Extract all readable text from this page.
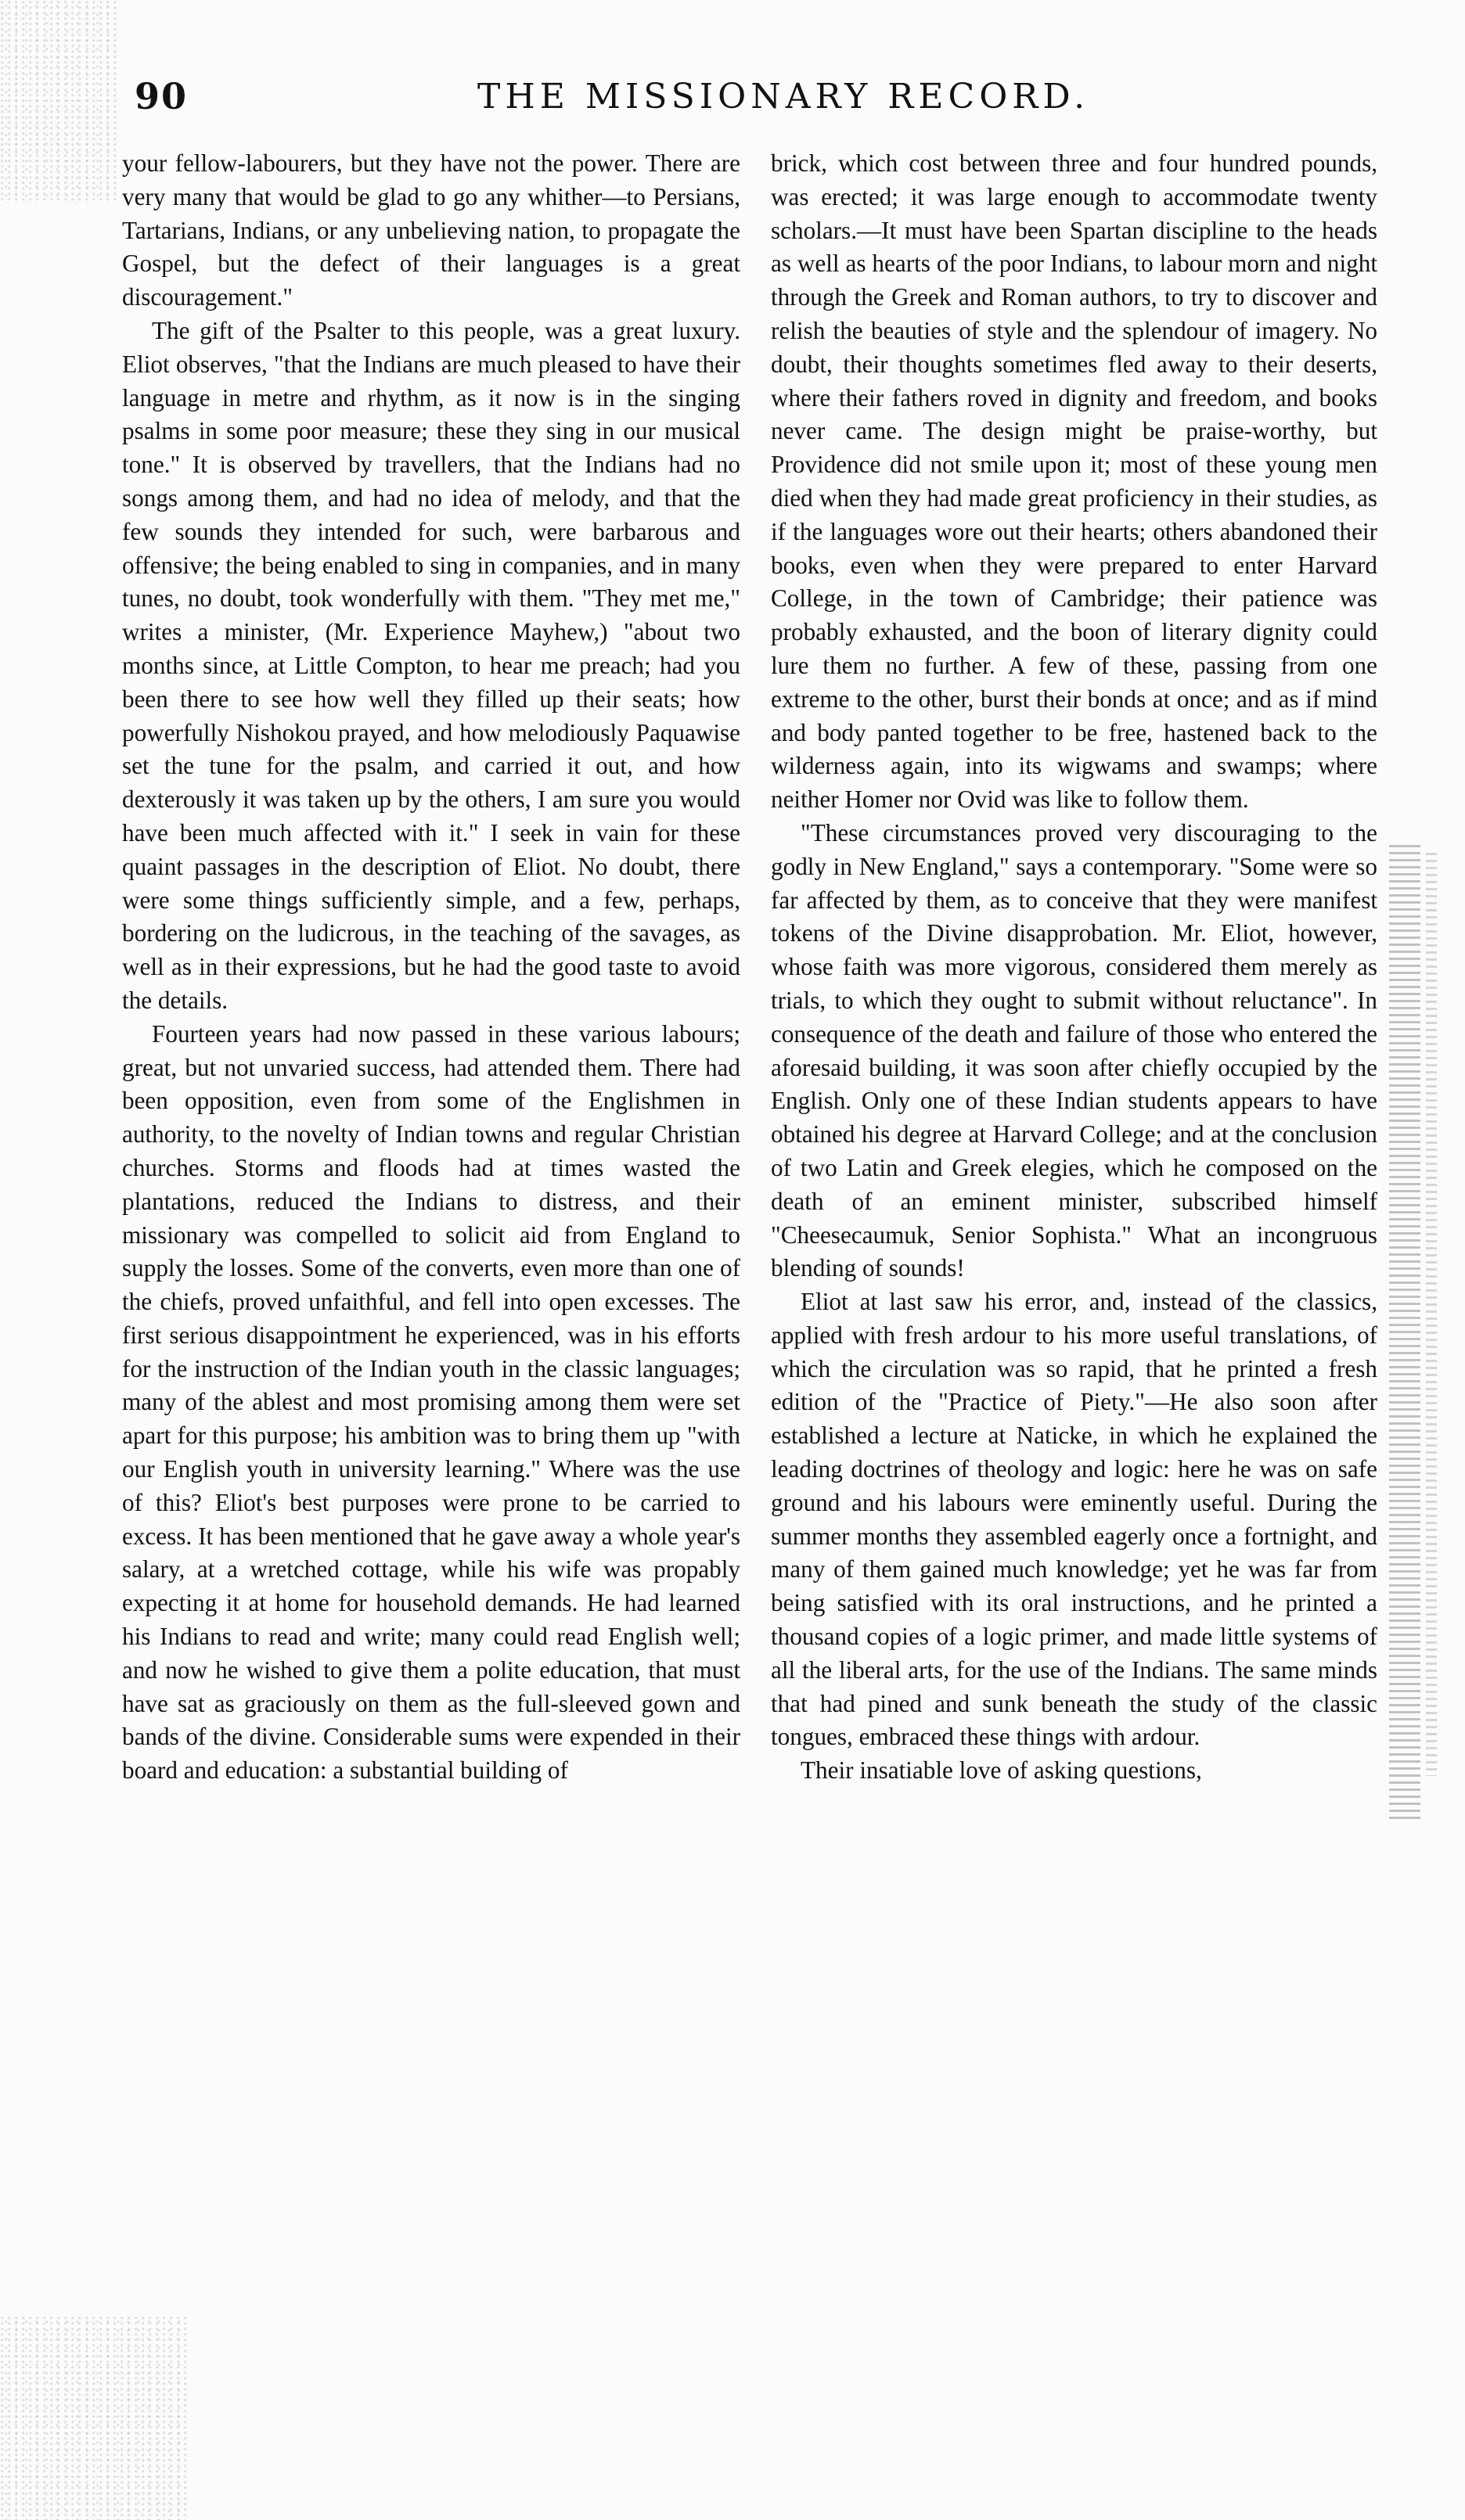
90	THE MISSIONARY RECORD.

your fellow-labourers, but they have not the power. There are very many that would be glad to go any whither—to Persians, Tartarians, Indians, or any unbelieving nation, to propagate the Gospel, but the defect of their languages is a great discouragement."

The gift of the Psalter to this people, was a great luxury. Eliot observes, "that the Indians are much pleased to have their language in metre and rhythm, as it now is in the singing psalms in some poor measure; these they sing in our musical tone." It is observed by travellers, that the Indians had no songs among them, and had no idea of melody, and that the few sounds they intended for such, were barbarous and offensive; the being enabled to sing in companies, and in many tunes, no doubt, took wonderfully with them. "They met me," writes a minister, (Mr. Experience Mayhew,) "about two months since, at Little Compton, to hear me preach; had you been there to see how well they filled up their seats; how powerfully Nishokou prayed, and how melodiously Paquawise set the tune for the psalm, and carried it out, and how dexterously it was taken up by the others, I am sure you would have been much affected with it." I seek in vain for these quaint passages in the description of Eliot. No doubt, there were some things sufficiently simple, and a few, perhaps, bordering on the ludicrous, in the teaching of the savages, as well as in their expressions, but he had the good taste to avoid the details.

Fourteen years had now passed in these various labours; great, but not unvaried success, had attended them. There had been opposition, even from some of the Englishmen in authority, to the novelty of Indian towns and regular Christian churches. Storms and floods had at times wasted the plantations, reduced the Indians to distress, and their missionary was compelled to solicit aid from England to supply the losses. Some of the converts, even more than one of the chiefs, proved unfaithful, and fell into open excesses. The first serious disappointment he experienced, was in his efforts for the instruction of the Indian youth in the classic languages; many of the ablest and most promising among them were set apart for this purpose; his ambition was to bring them up "with our English youth in university learning." Where was the use of this? Eliot's best purposes were prone to be carried to excess. It has been mentioned that he gave away a whole year's salary, at a wretched cottage, while his wife was propably expecting it at home for household demands. He had learned his Indians to read and write; many could read English well; and now he wished to give them a polite education, that must have sat as graciously on them as the full-sleeved gown and bands of the divine. Considerable sums were expended in their board and education: a substantial building of

brick, which cost between three and four hundred pounds, was erected; it was large enough to accommodate twenty scholars.—It must have been Spartan discipline to the heads as well as hearts of the poor Indians, to labour morn and night through the Greek and Roman authors, to try to discover and relish the beauties of style and the splendour of imagery. No doubt, their thoughts sometimes fled away to their deserts, where their fathers roved in dignity and freedom, and books never came. The design might be praise-worthy, but Providence did not smile upon it; most of these young men died when they had made great proficiency in their studies, as if the languages wore out their hearts; others abandoned their books, even when they were prepared to enter Harvard College, in the town of Cambridge; their patience was probably exhausted, and the boon of literary dignity could lure them no further. A few of these, passing from one extreme to the other, burst their bonds at once; and as if mind and body panted together to be free, hastened back to the wilderness again, into its wigwams and swamps; where neither Homer nor Ovid was like to follow them.

"These circumstances proved very discouraging to the godly in New England," says a contemporary. "Some were so far affected by them, as to conceive that they were manifest tokens of the Divine disapprobation. Mr. Eliot, however, whose faith was more vigorous, considered them merely as trials, to which they ought to submit without reluctance". In consequence of the death and failure of those who entered the aforesaid building, it was soon after chiefly occupied by the English. Only one of these Indian students appears to have obtained his degree at Harvard College; and at the conclusion of two Latin and Greek elegies, which he composed on the death of an eminent minister, subscribed himself "Cheesecaumuk, Senior Sophista." What an incongruous blending of sounds!

Eliot at last saw his error, and, instead of the classics, applied with fresh ardour to his more useful translations, of which the circulation was so rapid, that he printed a fresh edition of the "Practice of Piety."—He also soon after established a lecture at Naticke, in which he explained the leading doctrines of theology and logic: here he was on safe ground and his labours were eminently useful. During the summer months they assembled eagerly once a fortnight, and many of them gained much knowledge; yet he was far from being satisfied with its oral instructions, and he printed a thousand copies of a logic primer, and made little systems of all the liberal arts, for the use of the Indians. The same minds that had pined and sunk beneath the study of the classic tongues, embraced these things with ardour.

Their insatiable love of asking questions,
